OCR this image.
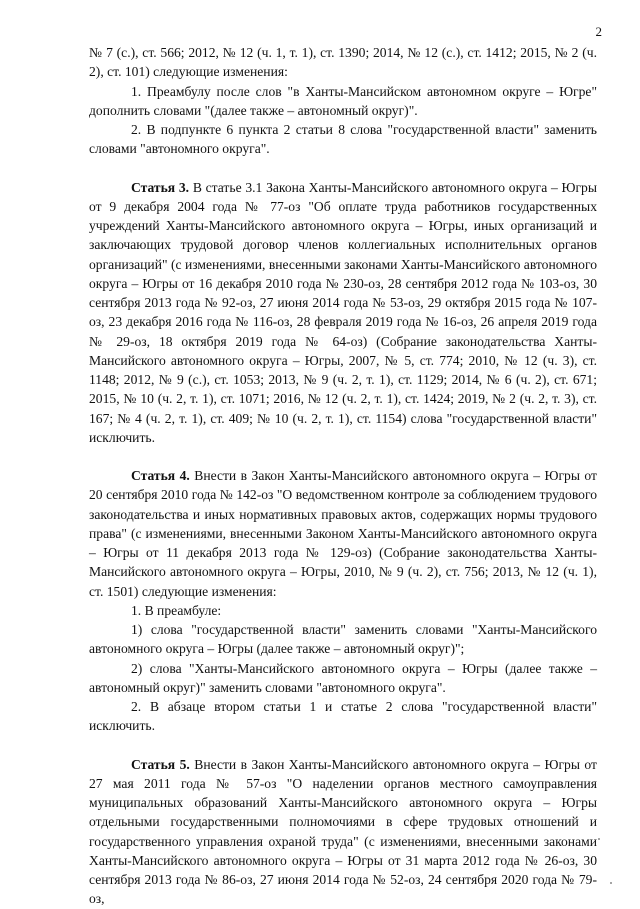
2

№ 7 (с.), ст. 566; 2012, № 12 (ч. 1, т. 1), ст. 1390; 2014, № 12 (с.), ст. 1412; 2015, № 2 (ч. 2), ст. 101) следующие изменения:

1. Преамбулу после слов "в Ханты-Мансийском автономном округе – Югре" дополнить словами "(далее также – автономный округ)".

2. В подпункте 6 пункта 2 статьи 8 слова "государственной власти" заменить словами "автономного округа".

Статья 3. В статье 3.1 Закона Ханты-Мансийского автономного округа – Югры от 9 декабря 2004 года № 77-оз "Об оплате труда работников государственных учреждений Ханты-Мансийского автономного округа – Югры, иных организаций и заключающих трудовой договор членов коллегиальных исполнительных органов организаций" (с изменениями, внесенными законами Ханты-Мансийского автономного округа – Югры от 16 декабря 2010 года № 230-оз, 28 сентября 2012 года № 103-оз, 30 сентября 2013 года № 92-оз, 27 июня 2014 года № 53-оз, 29 октября 2015 года № 107-оз, 23 декабря 2016 года № 116-оз, 28 февраля 2019 года № 16-оз, 26 апреля 2019 года № 29-оз, 18 октября 2019 года № 64-оз) (Собрание законодательства Ханты-Мансийского автономного округа – Югры, 2007, № 5, ст. 774; 2010, № 12 (ч. 3), ст. 1148; 2012, № 9 (с.), ст. 1053; 2013, № 9 (ч. 2, т. 1), ст. 1129; 2014, № 6 (ч. 2), ст. 671; 2015, № 10 (ч. 2, т. 1), ст. 1071; 2016, № 12 (ч. 2, т. 1), ст. 1424; 2019, № 2 (ч. 2, т. 3), ст. 167; № 4 (ч. 2, т. 1), ст. 409; № 10 (ч. 2, т. 1), ст. 1154) слова "государственной власти" исключить.

Статья 4. Внести в Закон Ханты-Мансийского автономного округа – Югры от 20 сентября 2010 года № 142-оз "О ведомственном контроле за соблюдением трудового законодательства и иных нормативных правовых актов, содержащих нормы трудового права" (с изменениями, внесенными Законом Ханты-Мансийского автономного округа – Югры от 11 декабря 2013 года № 129-оз) (Собрание законодательства Ханты-Мансийского автономного округа – Югры, 2010, № 9 (ч. 2), ст. 756; 2013, № 12 (ч. 1), ст. 1501) следующие изменения:

1. В преамбуле:

1) слова "государственной власти" заменить словами "Ханты-Мансийского автономного округа – Югры (далее также – автономный округ)";

2) слова "Ханты-Мансийского автономного округа – Югры (далее также – автономный округ)" заменить словами "автономного округа".

2. В абзаце втором статьи 1 и статье 2 слова "государственной власти" исключить.

Статья 5. Внести в Закон Ханты-Мансийского автономного округа – Югры от 27 мая 2011 года № 57-оз "О наделении органов местного самоуправления муниципальных образований Ханты-Мансийского автономного округа – Югры отдельными государственными полномочиями в сфере трудовых отношений и государственного управления охраной труда" (с изменениями, внесенными законами Ханты-Мансийского автономного округа – Югры от 31 марта 2012 года № 26-оз, 30 сентября 2013 года № 86-оз, 27 июня 2014 года № 52-оз, 24 сентября 2020 года № 79-оз,
